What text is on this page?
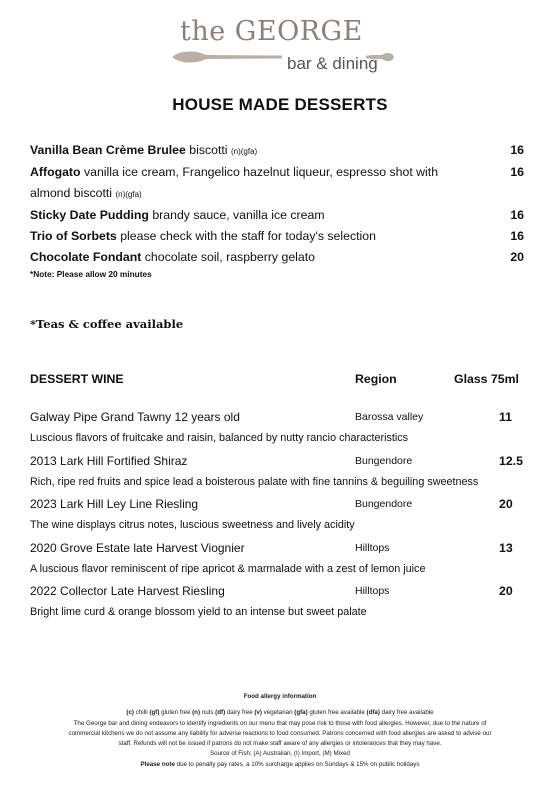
the GEORGE
bar & dining
HOUSE MADE DESSERTS
Vanilla Bean Crème Brulee biscotti (n)(gfa)	16
Affogato vanilla ice cream, Frangelico hazelnut liqueur, espresso shot with	16
almond biscotti (n)(gfa)
Sticky Date Pudding brandy sauce, vanilla ice cream	16
Trio of Sorbets please check with the staff for today's selection	16
Chocolate Fondant chocolate soil, raspberry gelato	20
*Note: Please allow 20 minutes
*Teas & coffee available
DESSERT WINE	Region	Glass 75ml
Galway Pipe Grand Tawny 12 years old	Barossa valley	11
Luscious flavors of fruitcake and raisin, balanced by nutty rancio characteristics
2013 Lark Hill Fortified Shiraz	Bungendore	12.5
Rich, ripe red fruits and spice lead a boisterous palate with fine tannins & beguiling sweetness
2023 Lark Hill Ley Line Riesling	Bungendore	20
The wine displays citrus notes, luscious sweetness and lively acidity
2020 Grove Estate late Harvest Viognier	Hilltops	13
A luscious flavor reminiscent of ripe apricot & marmalade with a zest of lemon juice
2022 Collector Late Harvest Riesling	Hilltops	20
Bright lime curd & orange blossom yield to an intense but sweet palate
Food allergy information
(c) chilli (gf) gluten free (n) nuts (df) dairy free (v) vegetarian (gfa) gluten free available (dfa) dairy free available
The George bar and dining endeavors to identify ingredients on our menu that may pose risk to those with food allergies. However, due to the nature of
commercial kitchens we do not assume any liability for adverse reactions to food consumed. Patrons concerned with food allergies are asked to advise our
staff. Refunds will not be issued if patrons do not make staff aware of any allergies or intolerances that they may have.
Source of Fish: (A) Australian, (I) Import, (M) Mixed
Please note due to penalty pay rates, a 10% surcharge applies on Sundays & 15% on public holidays
